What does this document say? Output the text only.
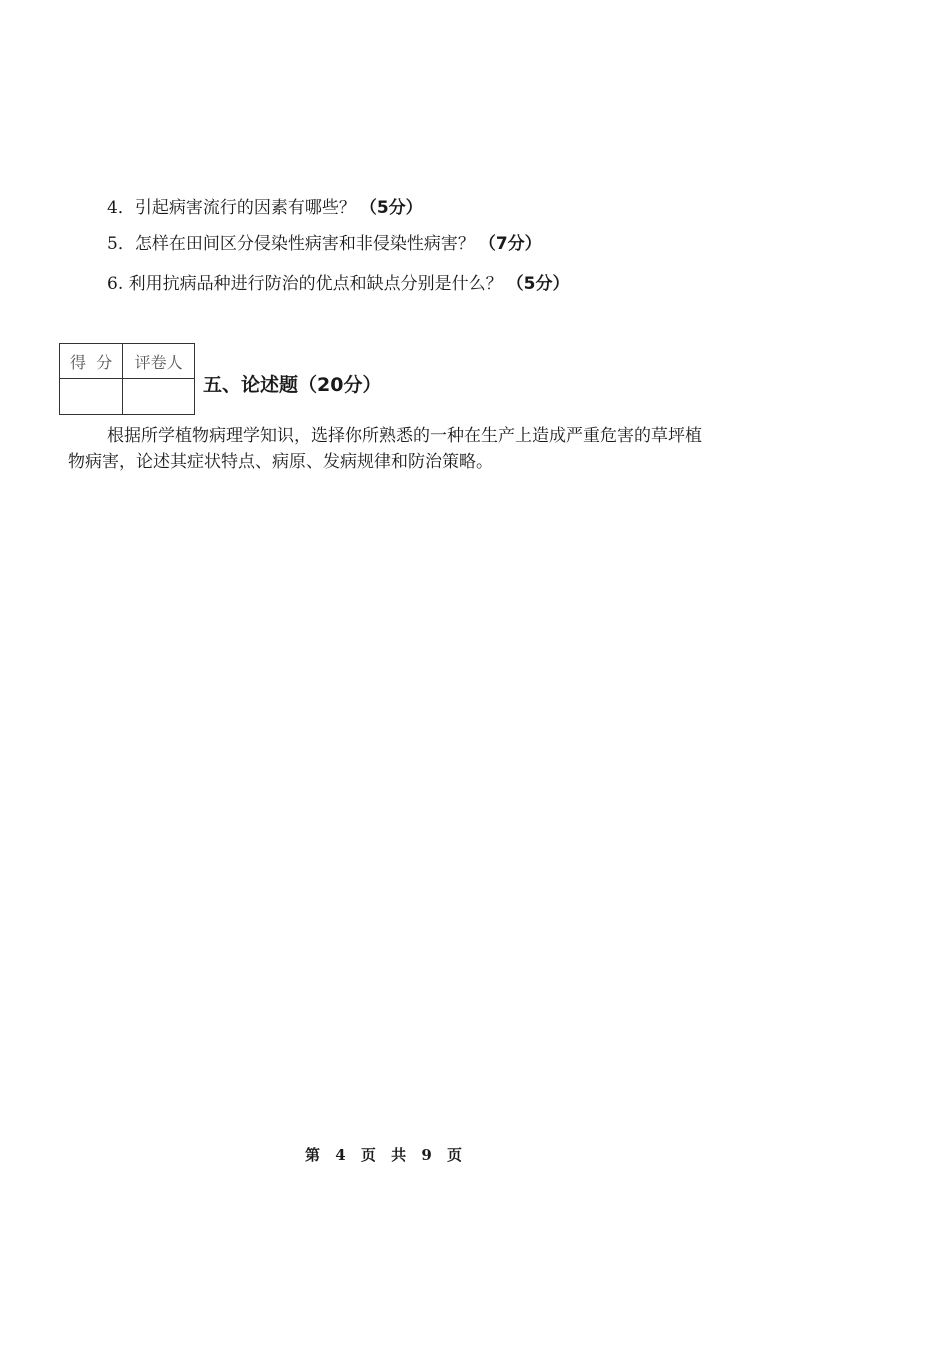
4．引起病害流行的因素有哪些？ （5分）
5．怎样在田间区分侵染性病害和非侵染性病害？ （7分）
6. 利用抗病品种进行防治的优点和缺点分别是什么？ （5分）
得  分	评卷人

五、论述题（20分）
根据所学植物病理学知识，选择你所熟悉的一种在生产上造成严重危害的草坪植物病害，论述其症状特点、病原、发病规律和防治策略。
第 4 页 共 9 页
